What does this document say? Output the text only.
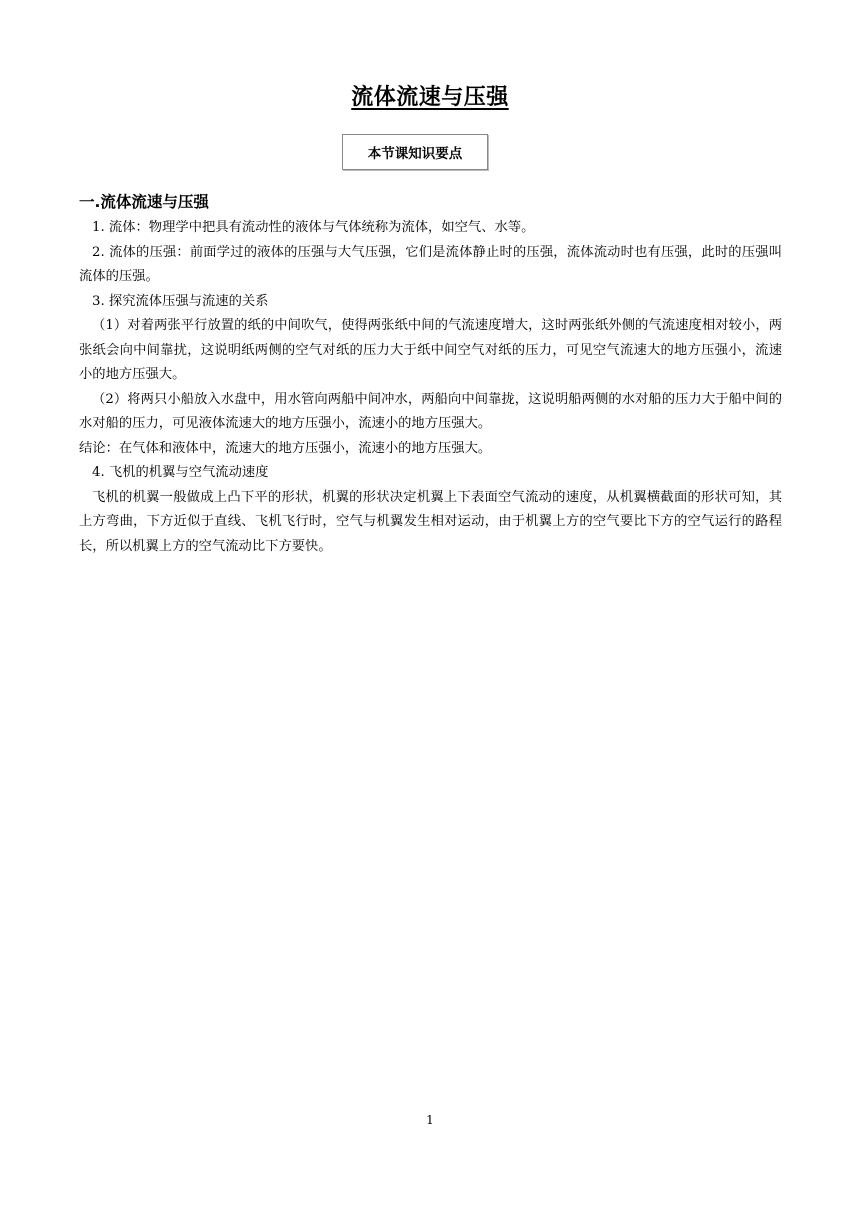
流体流速与压强
本节课知识要点
一.流体流速与压强

1. 流体：物理学中把具有流动性的液体与气体统称为流体，如空气、水等。

2. 流体的压强：前面学过的液体的压强与大气压强，它们是流体静止时的压强，流体流动时也有压强，此时的压强叫流体的压强。

3. 探究流体压强与流速的关系

（1）对着两张平行放置的纸的中间吹气，使得两张纸中间的气流速度增大，这时两张纸外侧的气流速度相对较小，两张纸会向中间靠扰，这说明纸两侧的空气对纸的压力大于纸中间空气对纸的压力，可见空气流速大的地方压强小，流速小的地方压强大。

（2）将两只小船放入水盘中，用水管向两船中间冲水，两船向中间靠拢，这说明船两侧的水对船的压力大于船中间的水对船的压力，可见液体流速大的地方压强小，流速小的地方压强大。

结论：在气体和液体中，流速大的地方压强小，流速小的地方压强大。

4. 飞机的机翼与空气流动速度

飞机的机翼一般做成上凸下平的形状，机翼的形状决定机翼上下表面空气流动的速度，从机翼横截面的形状可知，其上方弯曲，下方近似于直线、飞机飞行时，空气与机翼发生相对运动，由于机翼上方的空气要比下方的空气运行的路程长，所以机翼上方的空气流动比下方要快。

1
